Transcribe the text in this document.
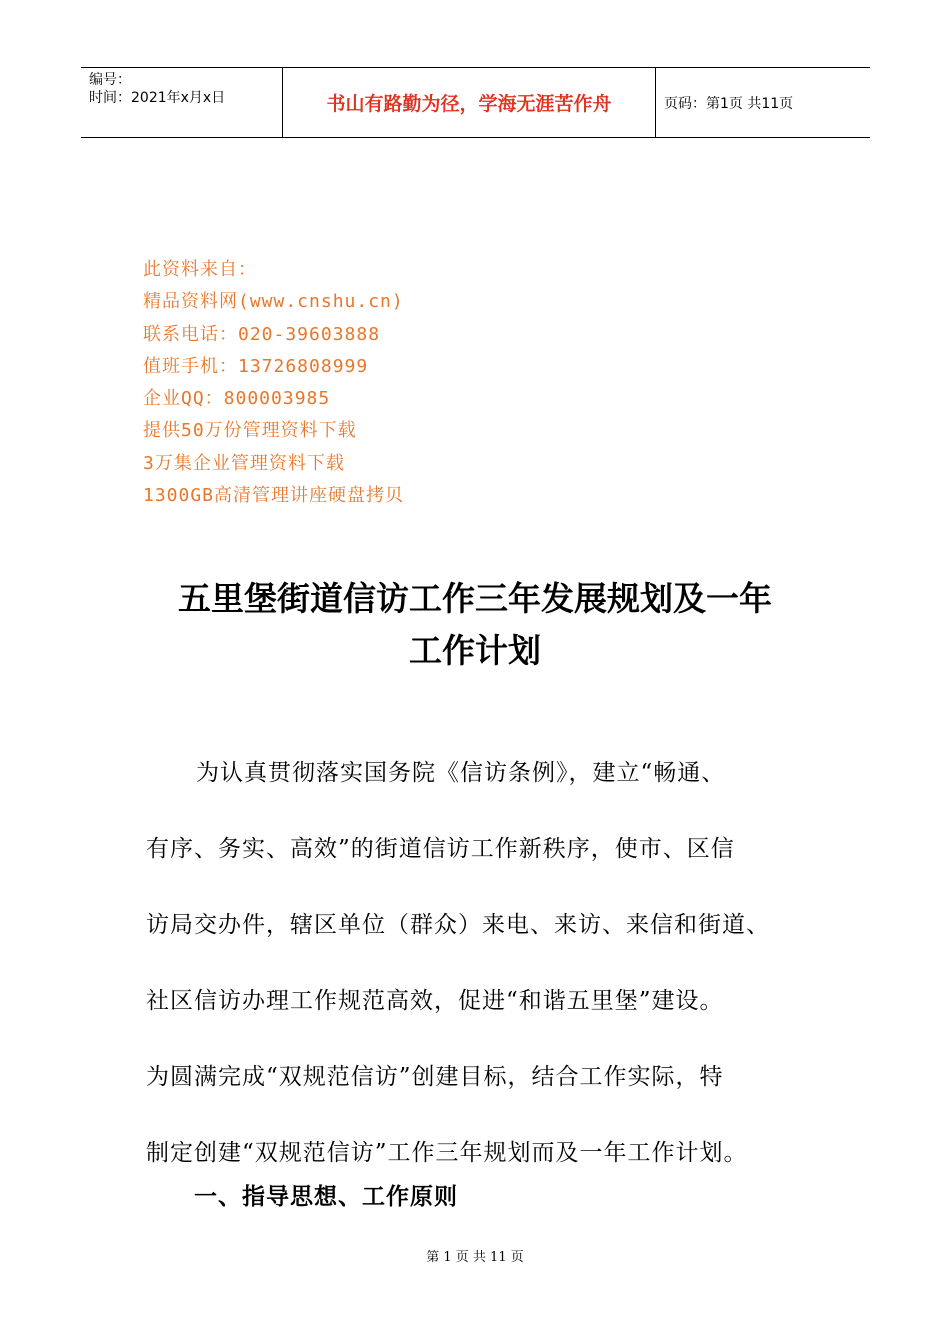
编号：
时间：2021年x月x日	书山有路勤为径，学海无涯苦作舟	页码：第1页 共11页
此资料来自：
精品资料网(www.cnshu.cn)
联系电话：020-39603888
值班手机：13726808999
企业QQ：800003985
提供50万份管理资料下载
3万集企业管理资料下载
1300GB高清管理讲座硬盘拷贝
五里堡街道信访工作三年发展规划及一年
工作计划
为认真贯彻落实国务院《信访条例》，建立“畅通、
有序、务实、高效”的街道信访工作新秩序，使市、区信
访局交办件，辖区单位（群众）来电、来访、来信和街道、
社区信访办理工作规范高效，促进“和谐五里堡”建设。
为圆满完成“双规范信访”创建目标，结合工作实际，特
制定创建“双规范信访”工作三年规划而及一年工作计划。
一、指导思想、工作原则
第 1 页 共 11 页
